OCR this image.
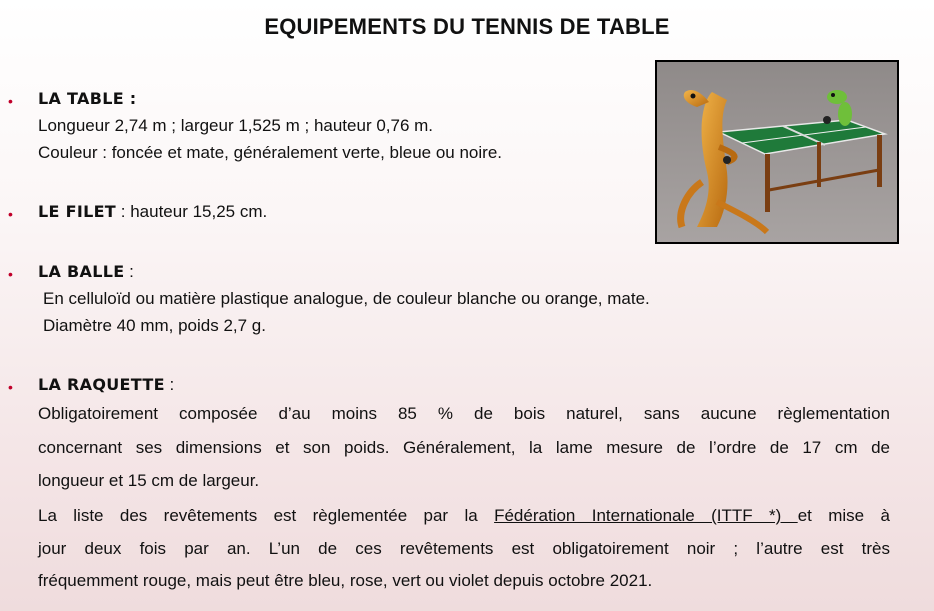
EQUIPEMENTS DU TENNIS DE TABLE
• LA TABLE :
Longueur 2,74 m ; largeur 1,525 m ; hauteur 0,76 m.
Couleur : foncée et mate, généralement verte, bleue ou noire.
• LE FILET : hauteur 15,25 cm.
• LA BALLE :
En celluloïd ou matière plastique analogue, de couleur blanche ou orange, mate.
Diamètre 40 mm, poids 2,7 g.
• LA RAQUETTE :
Obligatoirement composée d’au moins 85 % de bois naturel, sans aucune règlementation
concernant ses dimensions et son poids. Généralement, la lame mesure de l’ordre de 17 cm de
longueur et 15 cm de largeur.
La liste des revêtements est règlementée par la Fédération Internationale (ITTF *) et mise à
jour deux fois par an. L’un de ces revêtements est obligatoirement noir ; l’autre est très
fréquemment rouge, mais peut être bleu, rose, vert ou violet depuis octobre 2021.
